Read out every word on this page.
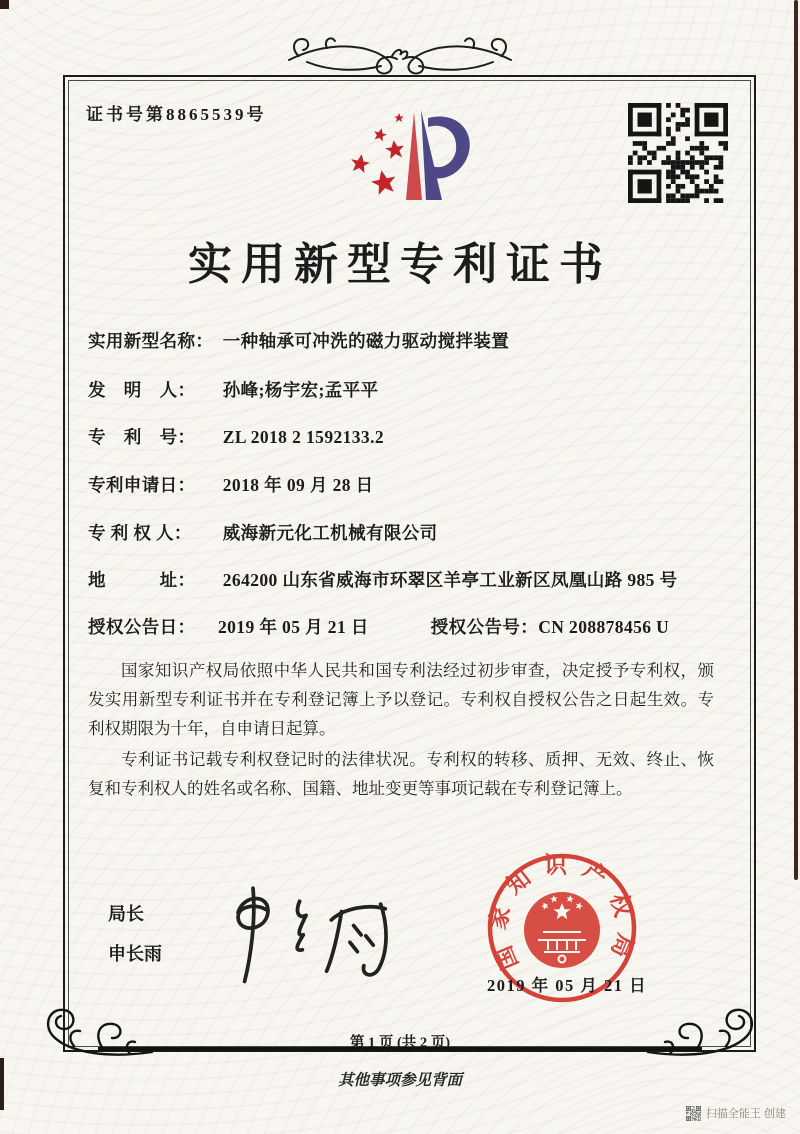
证书号第8865539号
实用新型专利证书
实用新型名称： 一种轴承可冲洗的磁力驱动搅拌装置
发　明　人： 孙峰;杨宇宏;孟平平
专　利　号： ZL 2018 2 1592133.2
专利申请日： 2018 年 09 月 28 日
专 利 权 人： 威海新元化工机械有限公司
地　　　址： 264200 山东省威海市环翠区羊亭工业新区凤凰山路 985 号
授权公告日： 2019 年 05 月 21 日	授权公告号：CN 208878456 U

国家知识产权局依照中华人民共和国专利法经过初步审查，决定授予专利权，颁发实用新型专利证书并在专利登记簿上予以登记。专利权自授权公告之日起生效。专利权期限为十年，自申请日起算。

专利证书记载专利权登记时的法律状况。专利权的转移、质押、无效、终止、恢复和专利权人的姓名或名称、国籍、地址变更等事项记载在专利登记簿上。

局长
申长雨	国家知识产权局
2019 年 05 月 21 日
第 1 页 (共 2 页)
其他事项参见背面
扫描全能王 创建
